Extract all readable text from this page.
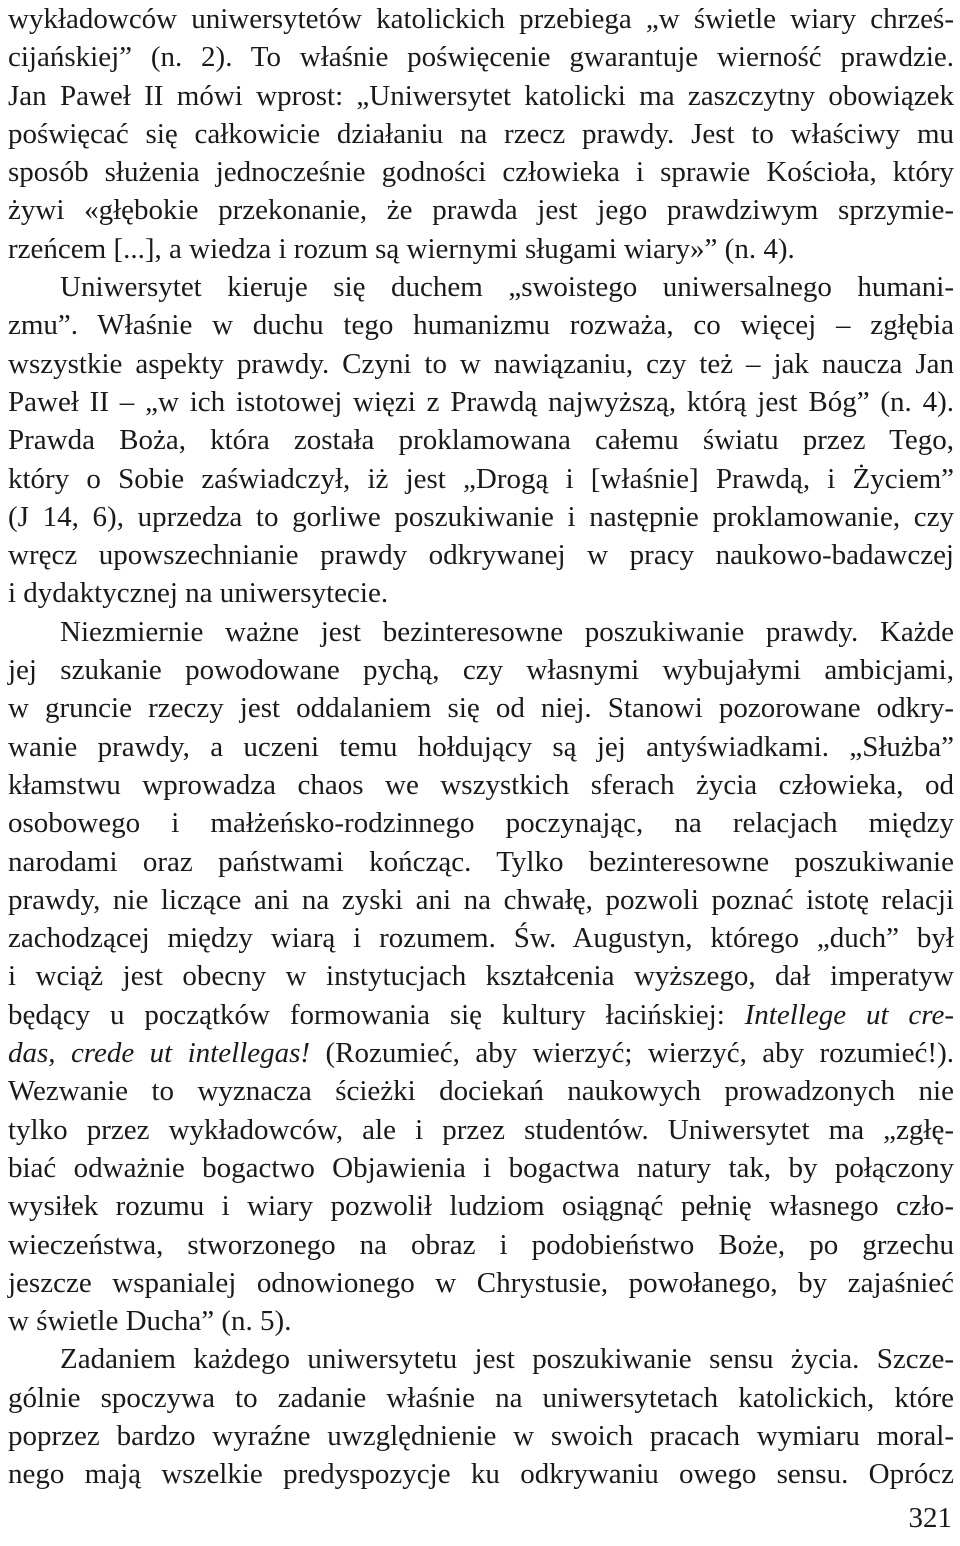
wykładowców uniwersytetów katolickich przebiega „w świetle wiary chrześ-
cijańskiej” (n. 2). To właśnie poświęcenie gwarantuje wierność prawdzie.
Jan Paweł II mówi wprost: „Uniwersytet katolicki ma zaszczytny obowiązek
poświęcać się całkowicie działaniu na rzecz prawdy. Jest to właściwy mu
sposób służenia jednocześnie godności człowieka i sprawie Kościoła, który
żywi «głębokie przekonanie, że prawda jest jego prawdziwym sprzymie-
rzeńcem [...], a wiedza i rozum są wiernymi sługami wiary»” (n. 4).
Uniwersytet kieruje się duchem „swoistego uniwersalnego humani-
zmu”. Właśnie w duchu tego humanizmu rozważa, co więcej – zgłębia
wszystkie aspekty prawdy. Czyni to w nawiązaniu, czy też – jak naucza Jan
Paweł II – „w ich istotowej więzi z Prawdą najwyższą, którą jest Bóg” (n. 4).
Prawda Boża, która została proklamowana całemu światu przez Tego,
który o Sobie zaświadczył, iż jest „Drogą i [właśnie] Prawdą, i Życiem”
(J 14, 6), uprzedza to gorliwe poszukiwanie i następnie proklamowanie, czy
wręcz upowszechnianie prawdy odkrywanej w pracy naukowo-badawczej
i dydaktycznej na uniwersytecie.
Niezmiernie ważne jest bezinteresowne poszukiwanie prawdy. Każde
jej szukanie powodowane pychą, czy własnymi wybujałymi ambicjami,
w gruncie rzeczy jest oddalaniem się od niej. Stanowi pozorowane odkry-
wanie prawdy, a uczeni temu hołdujący są jej antyświadkami. „Służba”
kłamstwu wprowadza chaos we wszystkich sferach życia człowieka, od
osobowego i małżeńsko-rodzinnego poczynając, na relacjach między
narodami oraz państwami kończąc. Tylko bezinteresowne poszukiwanie
prawdy, nie liczące ani na zyski ani na chwałę, pozwoli poznać istotę relacji
zachodzącej między wiarą i rozumem. Św. Augustyn, którego „duch” był
i wciąż jest obecny w instytucjach kształcenia wyższego, dał imperatyw
będący u początków formowania się kultury łacińskiej: Intellege ut cre-
das, crede ut intellegas! (Rozumieć, aby wierzyć; wierzyć, aby rozumieć!).
Wezwanie to wyznacza ścieżki dociekań naukowych prowadzonych nie
tylko przez wykładowców, ale i przez studentów. Uniwersytet ma „zgłę-
biać odważnie bogactwo Objawienia i bogactwa natury tak, by połączony
wysiłek rozumu i wiary pozwolił ludziom osiągnąć pełnię własnego czło-
wieczeństwa, stworzonego na obraz i podobieństwo Boże, po grzechu
jeszcze wspanialej odnowionego w Chrystusie, powołanego, by zajaśnieć
w świetle Ducha” (n. 5).
Zadaniem każdego uniwersytetu jest poszukiwanie sensu życia. Szcze-
gólnie spoczywa to zadanie właśnie na uniwersytetach katolickich, które
poprzez bardzo wyraźne uwzględnienie w swoich pracach wymiaru moral-
nego mają wszelkie predyspozycje ku odkrywaniu owego sensu. Oprócz
321
